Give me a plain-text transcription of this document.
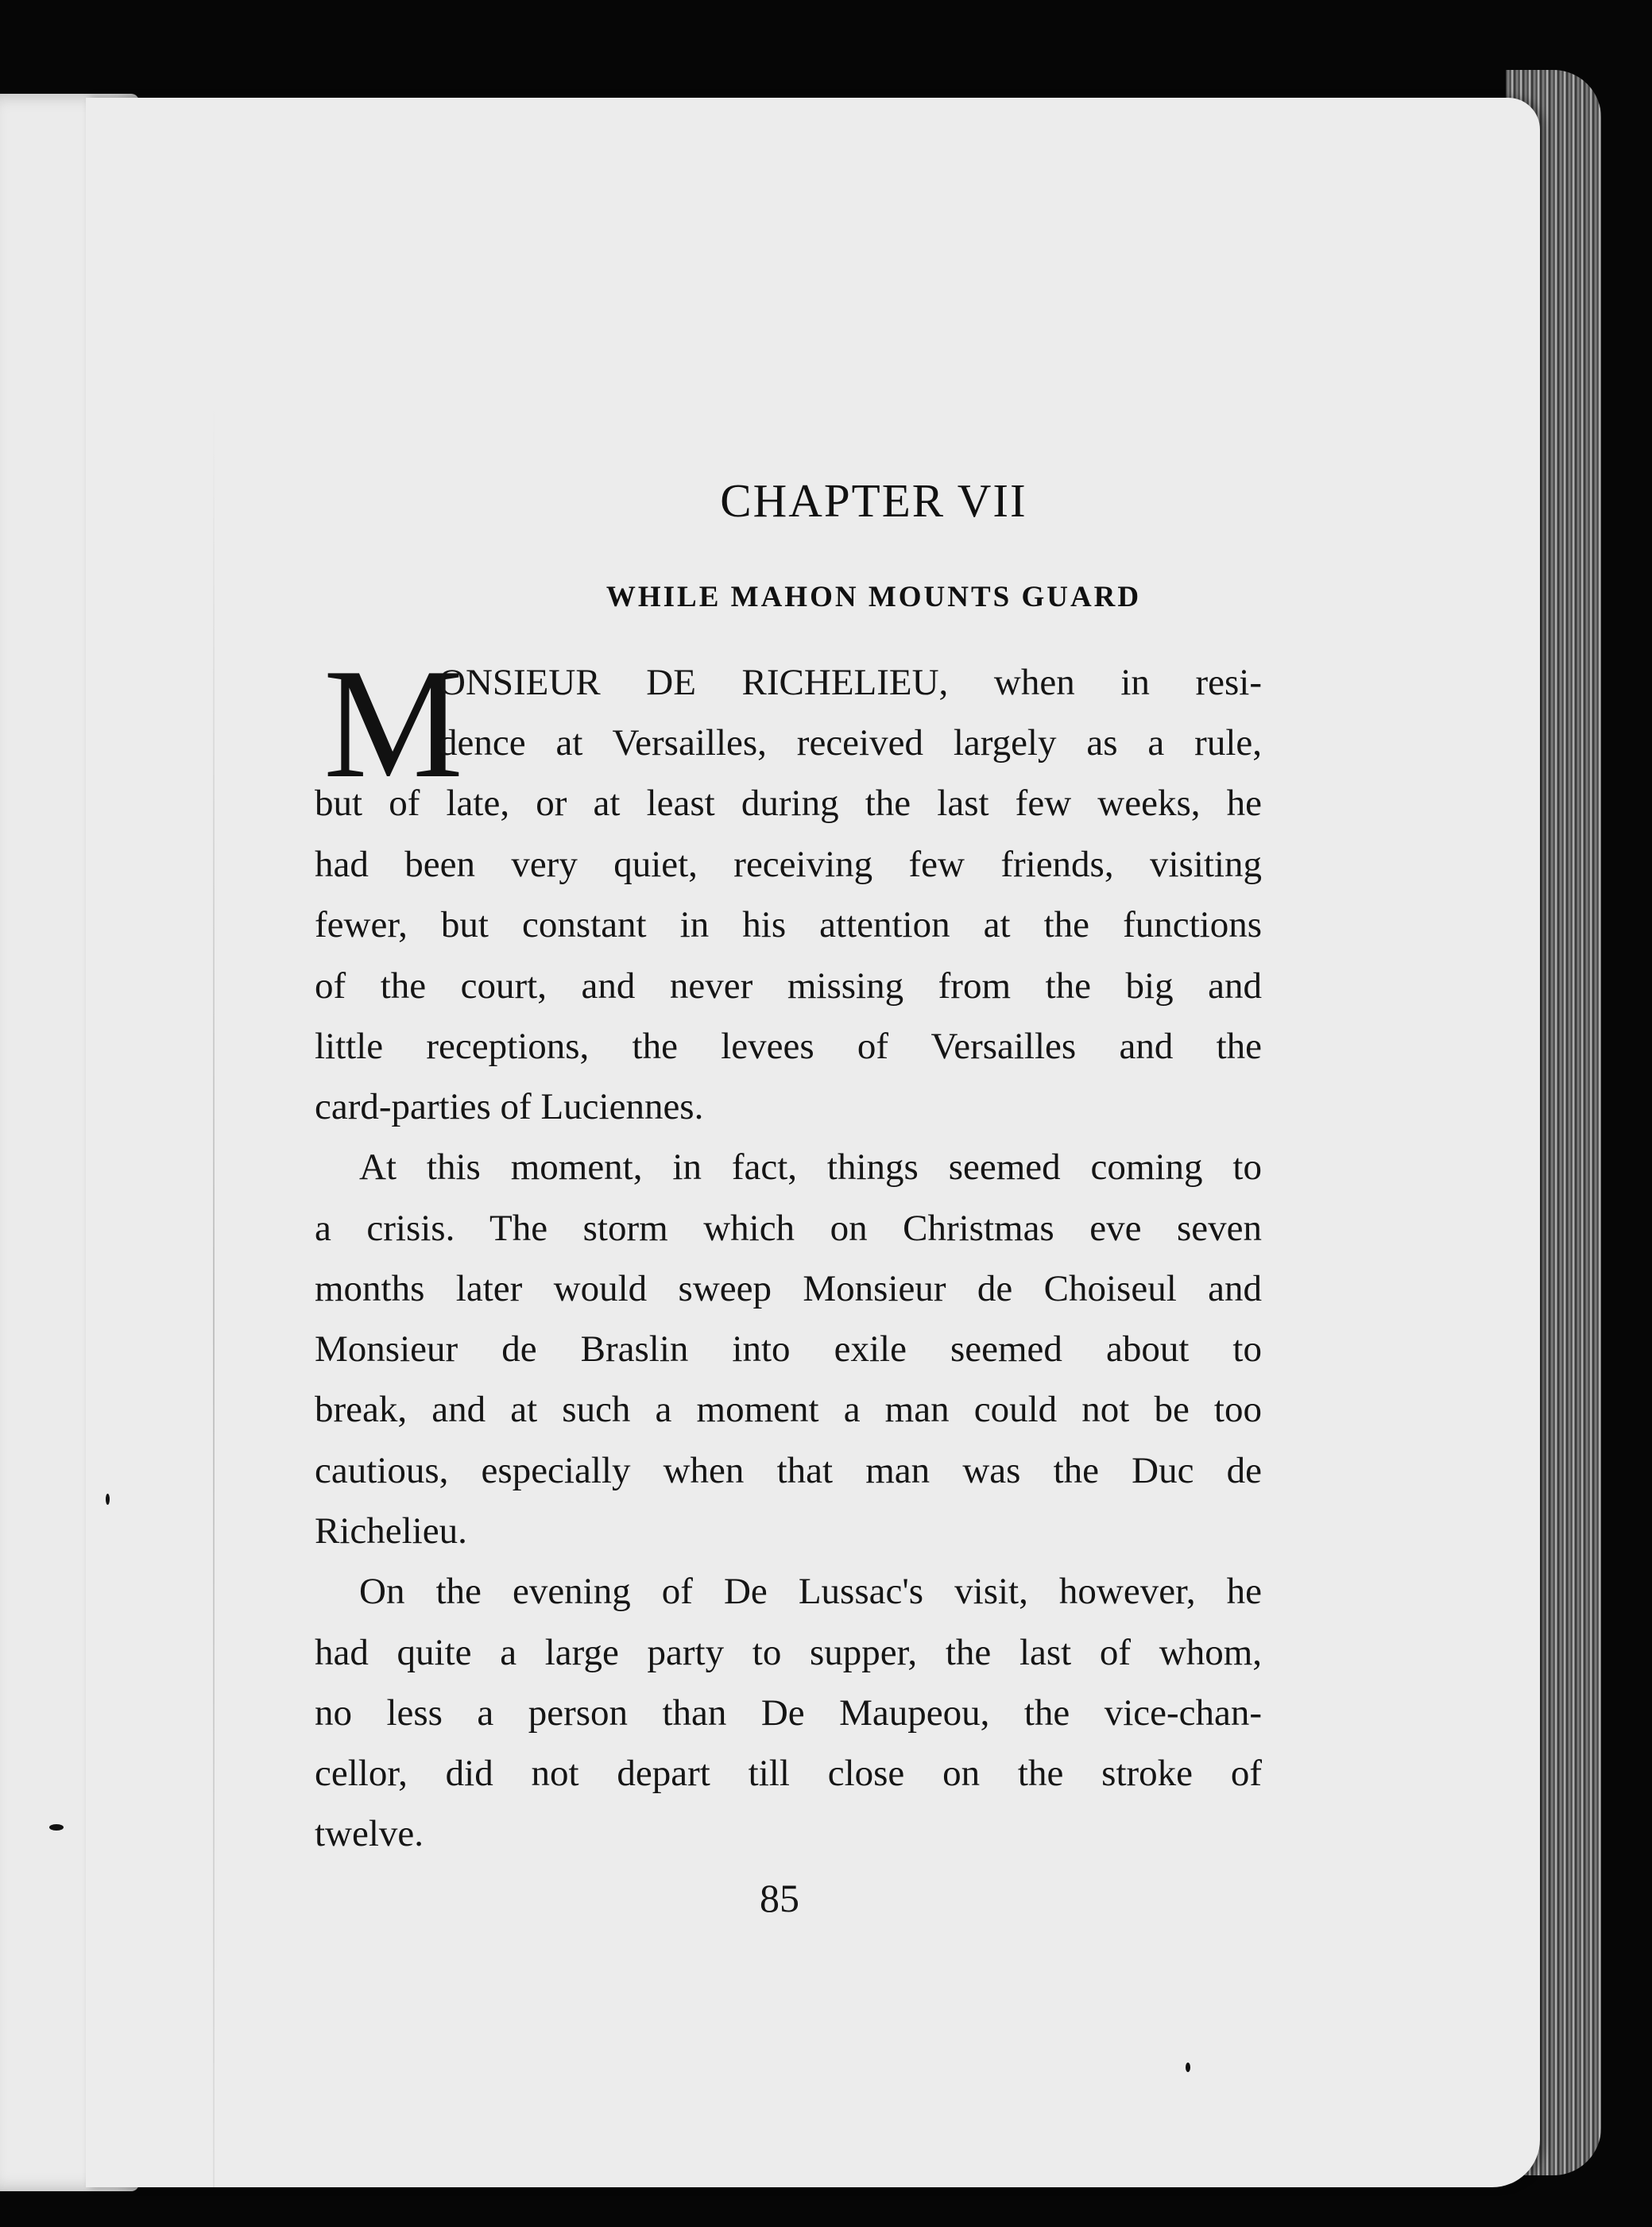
CHAPTER VII
WHILE MAHON MOUNTS GUARD
M
ONSIEUR DE RICHELIEU, when in resi-
dence at Versailles, received largely as a rule,
but of late, or at least during the last few weeks, he
had been very quiet, receiving few friends, visiting
fewer, but constant in his attention at the functions
of the court, and never missing from the big and
little receptions, the levees of Versailles and the
card-parties of Luciennes.
At this moment, in fact, things seemed coming to
a crisis. The storm which on Christmas eve seven
months later would sweep Monsieur de Choiseul and
Monsieur de Braslin into exile seemed about to
break, and at such a moment a man could not be too
cautious, especially when that man was the Duc de
Richelieu.
On the evening of De Lussac's visit, however, he
had quite a large party to supper, the last of whom,
no less a person than De Maupeou, the vice-chan-
cellor, did not depart till close on the stroke of
twelve.
85
